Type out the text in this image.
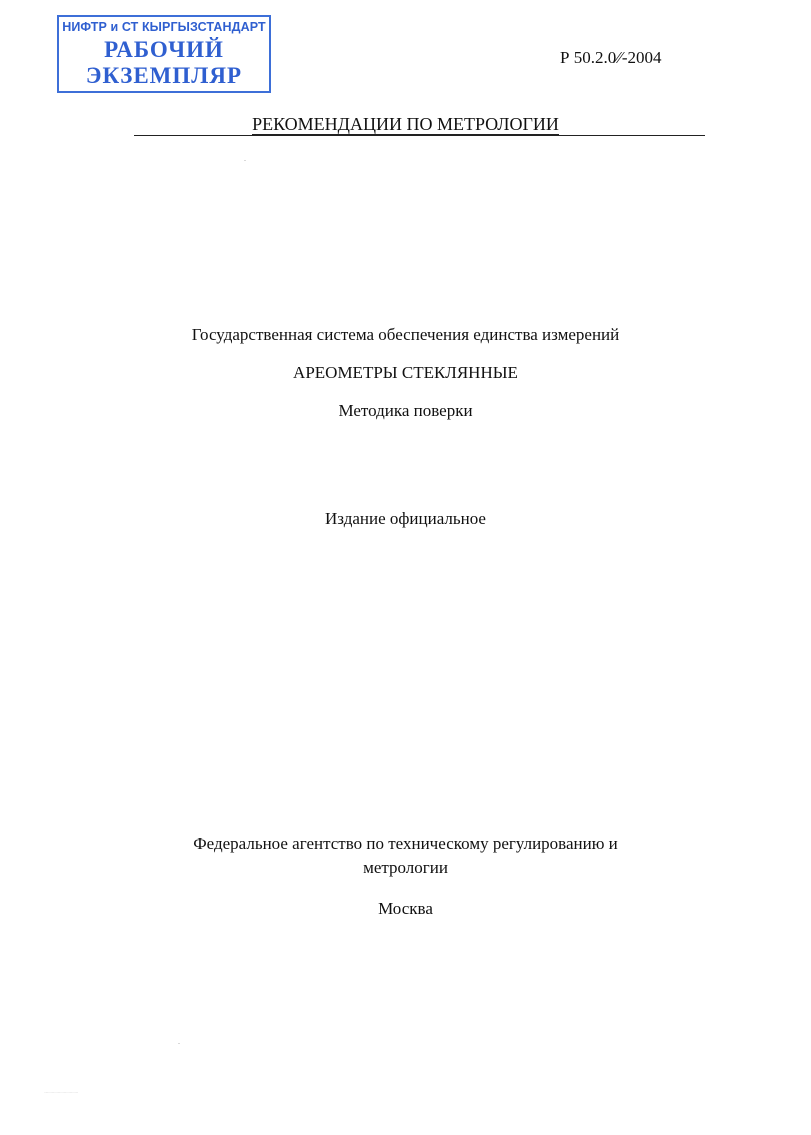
НИФТР и СТ КЫРГЫЗСТАНДАРТ
РАБОЧИЙ
ЭКЗЕМПЛЯР
Р 50.2.0⁄⁄-2004
РЕКОМЕНДАЦИИ ПО МЕТРОЛОГИИ
Государственная система обеспечения единства измерений
АРЕОМЕТРЫ СТЕКЛЯННЫЕ
Методика поверки
Издание официальное
Федеральное агентство по техническому регулированию и
метрологии
Москва
········································
